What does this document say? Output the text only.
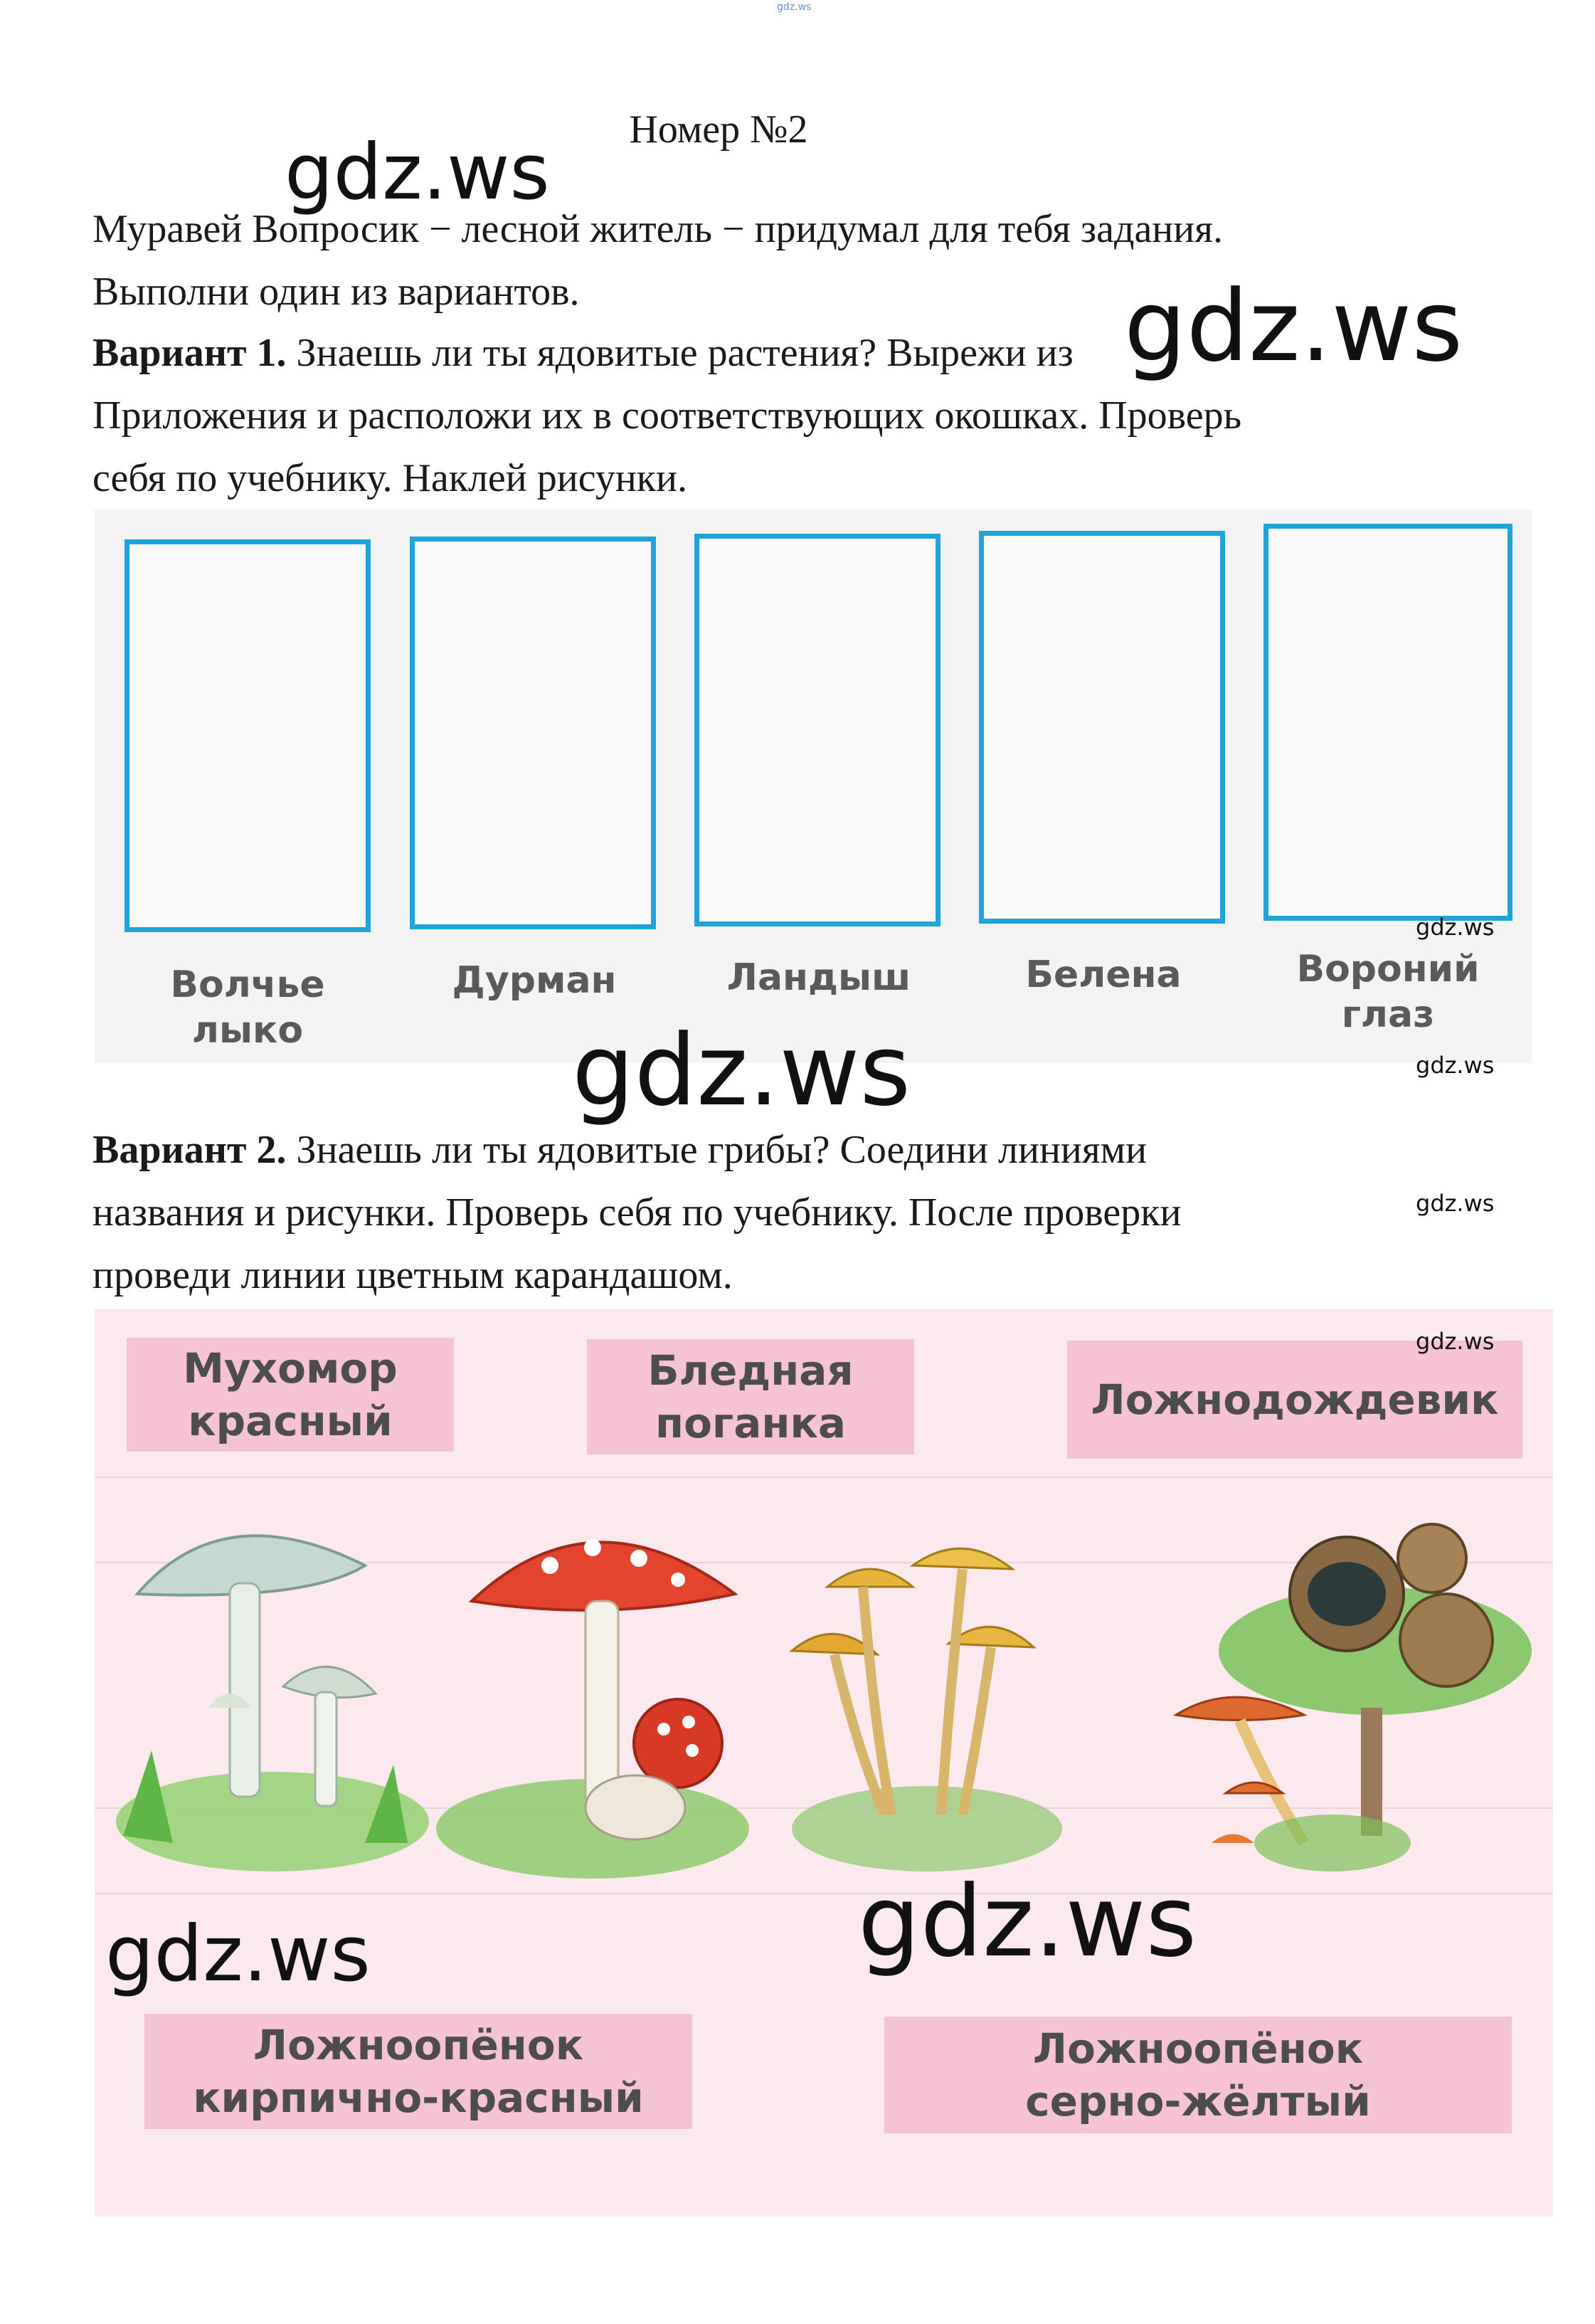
gdz.ws
Номер №2
Муравей Вопросик − лесной житель − придумал для тебя задания.
Выполни один из вариантов.
Вариант 1. Знаешь ли ты ядовитые растения? Вырежи из
Приложения и расположи их в соответствующих окошках. Проверь
себя по учебнику. Наклей рисунки.
Волчье
лыко
Дурман	Ландыш	Белена	Вороний
глаз
Вариант 2. Знаешь ли ты ядовитые грибы? Соедини линиями
названия и рисунки. Проверь себя по учебнику. После проверки
проведи линии цветным карандашом.
Мухомор
красный
Бледная
поганка	Ложнодождевик
Ложноопёнок
кирпично-красный
Ложноопёнок
серно-жёлтый
gdz.ws
gdz.ws
gdz.ws
gdz.ws	gdz.ws
gdz.ws
gdz.ws
gdz.ws	gdz.ws
